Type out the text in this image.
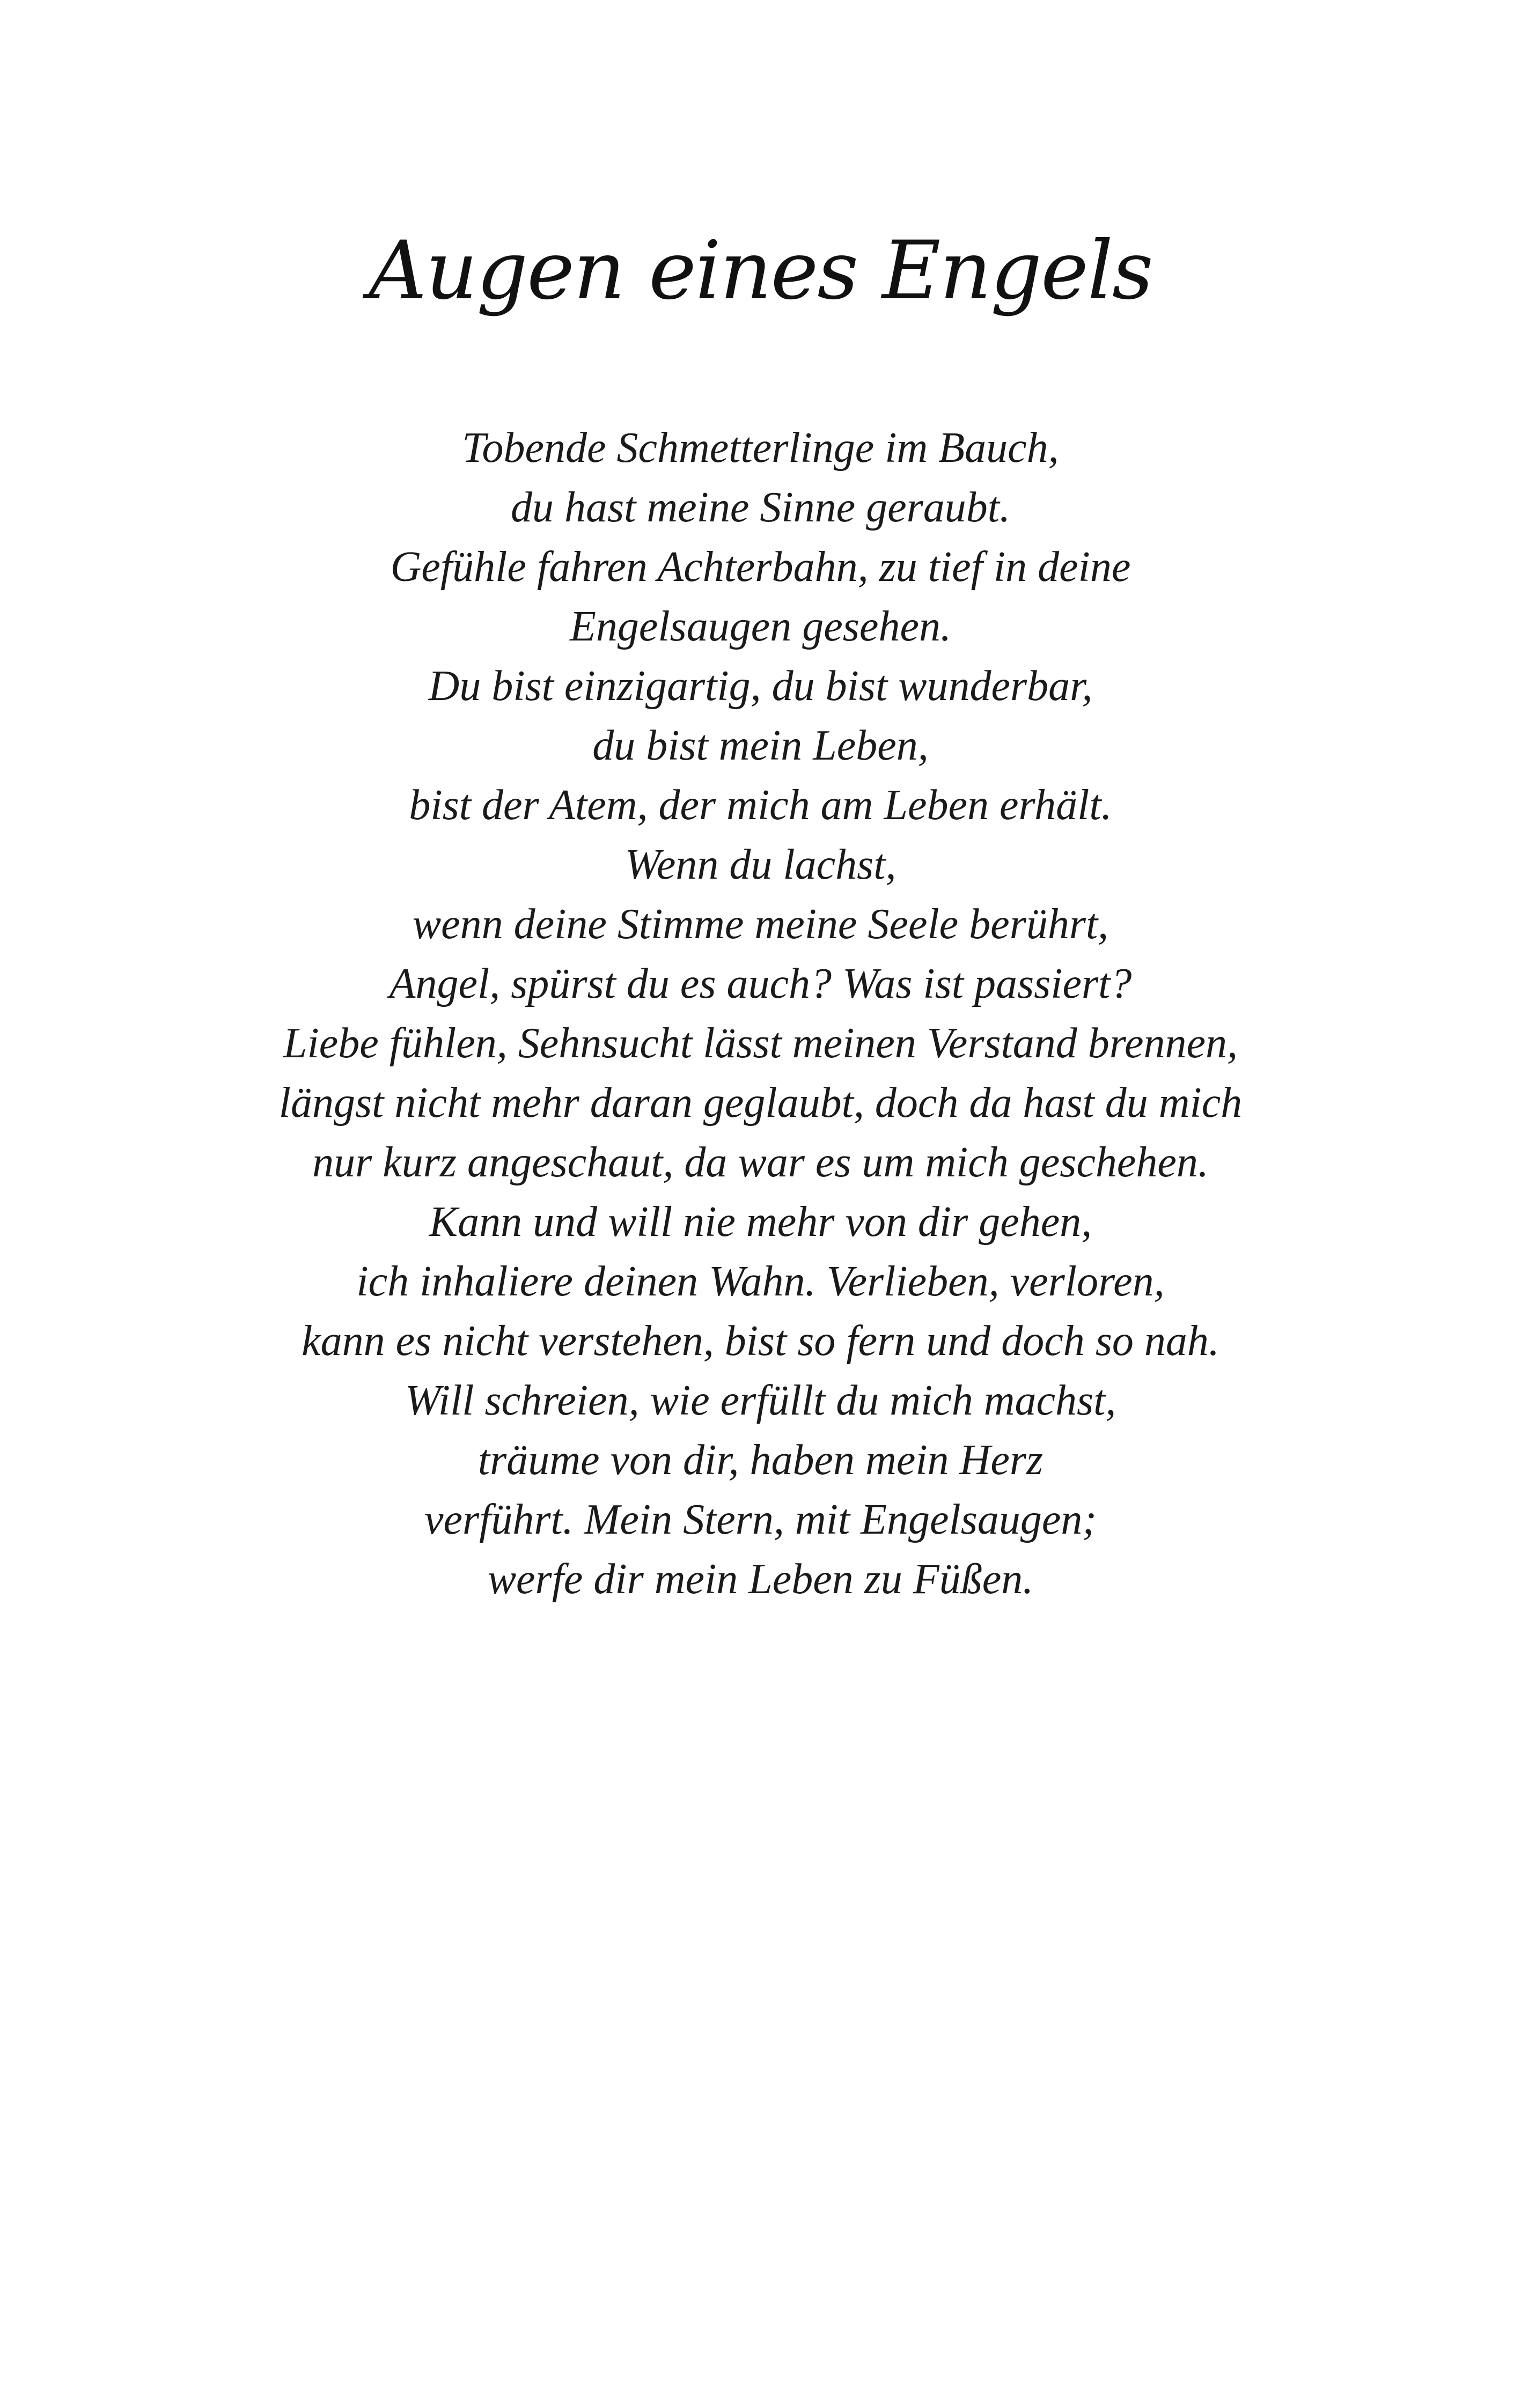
Augen eines Engels
Tobende Schmetterlinge im Bauch,
du hast meine Sinne geraubt.
Gefühle fahren Achterbahn, zu tief in deine
Engelsaugen gesehen.
Du bist einzigartig, du bist wunderbar,
du bist mein Leben,
bist der Atem, der mich am Leben erhält.
Wenn du lachst,
wenn deine Stimme meine Seele berührt,
Angel, spürst du es auch? Was ist passiert?
Liebe fühlen, Sehnsucht lässt meinen Verstand brennen,
längst nicht mehr daran geglaubt, doch da hast du mich
nur kurz angeschaut, da war es um mich geschehen.
Kann und will nie mehr von dir gehen,
ich inhaliere deinen Wahn. Verlieben, verloren,
kann es nicht verstehen, bist so fern und doch so nah.
Will schreien, wie erfüllt du mich machst,
träume von dir, haben mein Herz
verführt. Mein Stern, mit Engelsaugen;
werfe dir mein Leben zu Füßen.
